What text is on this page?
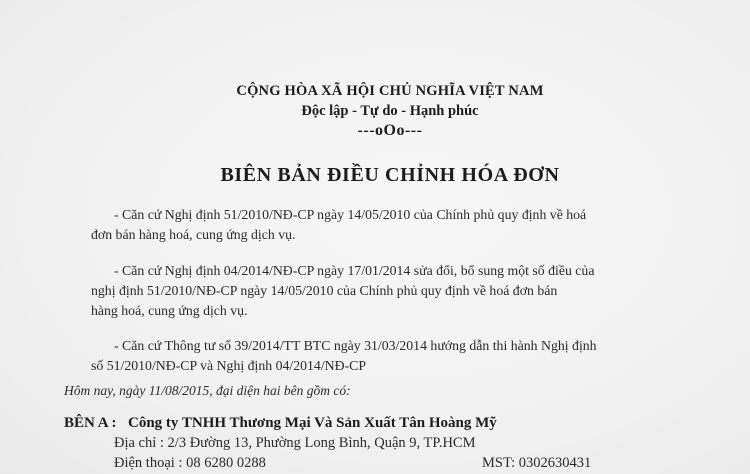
CỘNG HÒA XÃ HỘI CHỦ NGHĨA VIỆT NAM
Độc lập - Tự do - Hạnh phúc
---oOo---
BIÊN BẢN ĐIỀU CHỈNH HÓA ĐƠN
- Căn cứ Nghị định 51/2010/NĐ-CP ngày 14/05/2010 của Chính phủ quy định về hoá
đơn bán hàng hoá, cung ứng dịch vụ.
- Căn cứ Nghị định 04/2014/NĐ-CP ngày 17/01/2014 sửa đổi, bổ sung một số điều của
nghị định 51/2010/NĐ-CP ngày 14/05/2010 của Chính phủ quy định về hoá đơn bán
hàng hoá, cung ứng dịch vụ.
- Căn cứ Thông tư số 39/2014/TT BTC ngày 31/03/2014 hướng dẫn thi hành Nghị định
số 51/2010/NĐ-CP và Nghị định 04/2014/NĐ-CP
Hôm nay, ngày 11/08/2015, đại diện hai bên gồm có:
BÊN A : Công ty TNHH Thương Mại Và Sản Xuất Tân Hoàng Mỹ
Địa chỉ : 2/3 Đường 13, Phường Long Bình, Quận 9, TP.HCM
Điện thoại : 08 6280 0288	MST: 0302630431
